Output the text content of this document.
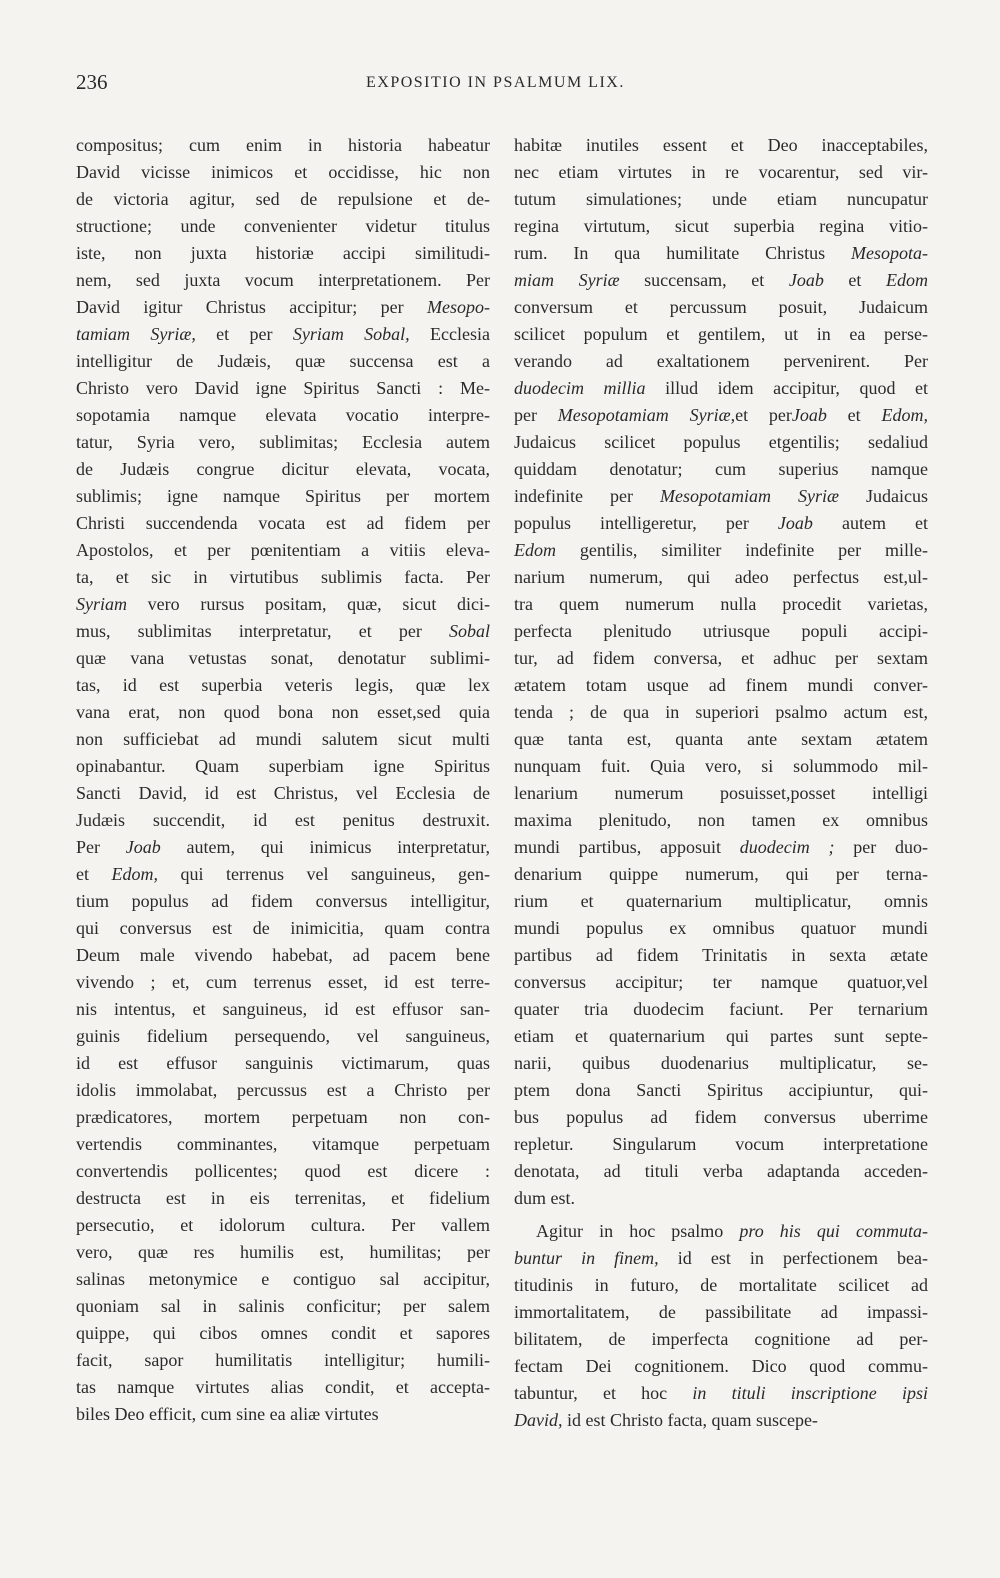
236	EXPOSITIO IN PSALMUM LIX.
compositus; cum enim in historia habeatur
David vicisse inimicos et occidisse, hic non
de victoria agitur, sed de repulsione et de-
structione; unde convenienter videtur titulus
iste, non juxta historiæ accipi similitudi-
nem, sed juxta vocum interpretationem. Per
David igitur Christus accipitur; per Mesopo-
tamiam Syriæ, et per Syriam Sobal, Ecclesia
intelligitur de Judæis, quæ succensa est a
Christo vero David igne Spiritus Sancti : Me-
sopotamia namque elevata vocatio interpre-
tatur, Syria vero, sublimitas; Ecclesia autem
de Judæis congrue dicitur elevata, vocata,
sublimis; igne namque Spiritus per mortem
Christi succendenda vocata est ad fidem per
Apostolos, et per pœnitentiam a vitiis eleva-
ta, et sic in virtutibus sublimis facta. Per
Syriam vero rursus positam, quæ, sicut dici-
mus, sublimitas interpretatur, et per Sobal
quæ vana vetustas sonat, denotatur sublimi-
tas, id est superbia veteris legis, quæ lex
vana erat, non quod bona non esset,sed quia
non sufficiebat ad mundi salutem sicut multi
opinabantur. Quam superbiam igne Spiritus
Sancti David, id est Christus, vel Ecclesia de
Judæis succendit, id est penitus destruxit.
Per Joab autem, qui inimicus interpretatur,
et Edom, qui terrenus vel sanguineus, gen-
tium populus ad fidem conversus intelligitur,
qui conversus est de inimicitia, quam contra
Deum male vivendo habebat, ad pacem bene
vivendo ; et, cum terrenus esset, id est terre-
nis intentus, et sanguineus, id est effusor san-
guinis fidelium persequendo, vel sanguineus,
id est effusor sanguinis victimarum, quas
idolis immolabat, percussus est a Christo per
prædicatores, mortem perpetuam non con-
vertendis comminantes, vitamque perpetuam
convertendis pollicentes; quod est dicere :
destructa est in eis terrenitas, et fidelium
persecutio, et idolorum cultura. Per vallem
vero, quæ res humilis est, humilitas; per
salinas metonymice e contiguo sal accipitur,
quoniam sal in salinis conficitur; per salem
quippe, qui cibos omnes condit et sapores
facit, sapor humilitatis intelligitur; humili-
tas namque virtutes alias condit, et accepta-
biles Deo efficit, cum sine ea aliæ virtutes
habitæ inutiles essent et Deo inacceptabiles,
nec etiam virtutes in re vocarentur, sed vir-
tutum simulationes; unde etiam nuncupatur
regina virtutum, sicut superbia regina vitio-
rum. In qua humilitate Christus Mesopota-
miam Syriæ succensam, et Joab et Edom
conversum et percussum posuit, Judaicum
scilicet populum et gentilem, ut in ea perse-
verando ad exaltationem pervenirent. Per
duodecim millia illud idem accipitur, quod et
per Mesopotamiam Syriæ,et perJoab et Edom,
Judaicus scilicet populus etgentilis; sedaliud
quiddam denotatur; cum superius namque
indefinite per Mesopotamiam Syriæ Judaicus
populus intelligeretur, per Joab autem et
Edom gentilis, similiter indefinite per mille-
narium numerum, qui adeo perfectus est,ul-
tra quem numerum nulla procedit varietas,
perfecta plenitudo utriusque populi accipi-
tur, ad fidem conversa, et adhuc per sextam
ætatem totam usque ad finem mundi conver-
tenda ; de qua in superiori psalmo actum est,
quæ tanta est, quanta ante sextam ætatem
nunquam fuit. Quia vero, si solummodo mil-
lenarium numerum posuisset,posset intelligi
maxima plenitudo, non tamen ex omnibus
mundi partibus, apposuit duodecim ; per duo-
denarium quippe numerum, qui per terna-
rium et quaternarium multiplicatur, omnis
mundi populus ex omnibus quatuor mundi
partibus ad fidem Trinitatis in sexta ætate
conversus accipitur; ter namque quatuor,vel
quater tria duodecim faciunt. Per ternarium
etiam et quaternarium qui partes sunt septe-
narii, quibus duodenarius multiplicatur, se-
ptem dona Sancti Spiritus accipiuntur, qui-
bus populus ad fidem conversus uberrime
repletur. Singularum vocum interpretatione
denotata, ad tituli verba adaptanda acceden-
dum est.
Agitur in hoc psalmo pro his qui commuta-
buntur in finem, id est in perfectionem bea-
titudinis in futuro, de mortalitate scilicet ad
immortalitatem, de passibilitate ad impassi-
bilitatem, de imperfecta cognitione ad per-
fectam Dei cognitionem. Dico quod commu-
tabuntur, et hoc in tituli inscriptione ipsi
David, id est Christo facta, quam suscepe-
